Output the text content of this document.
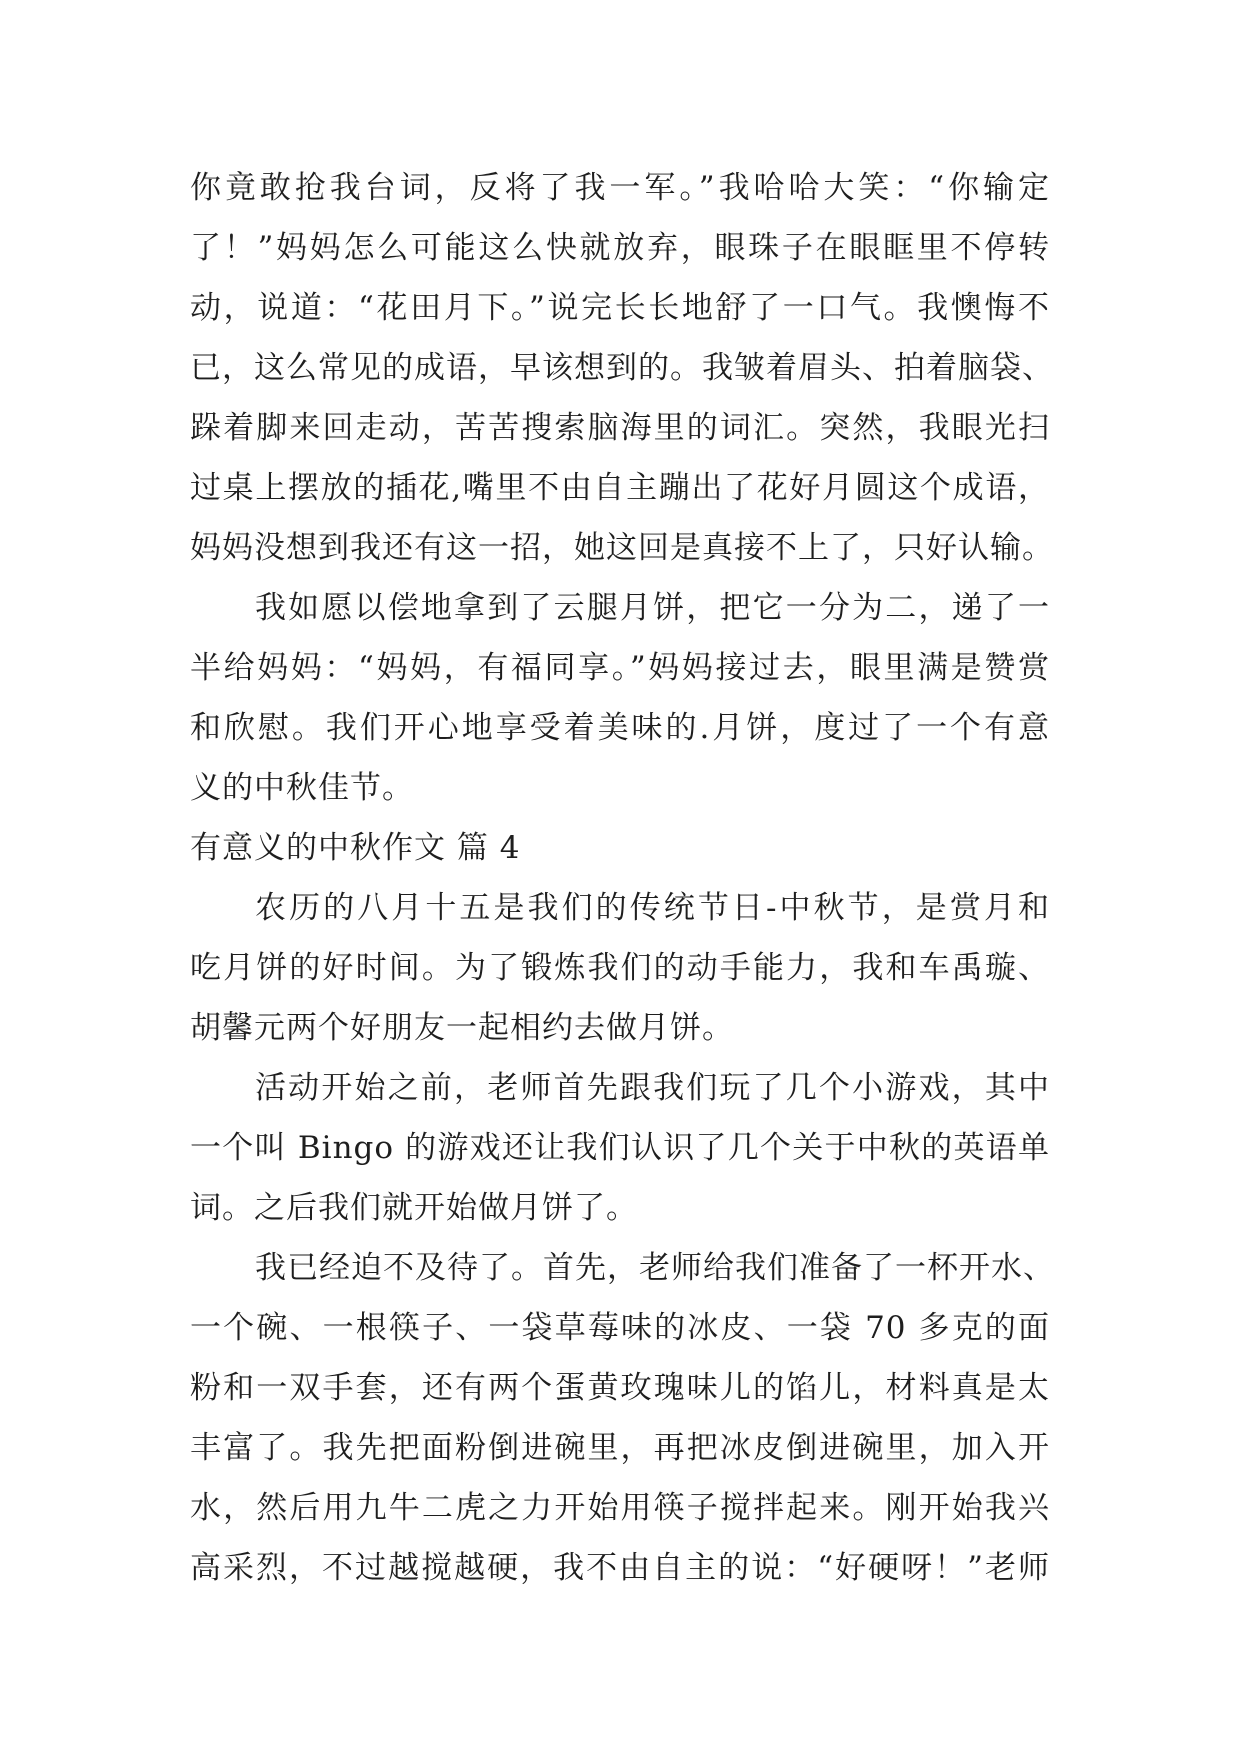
你竟敢抢我台词，反将了我一军。”我哈哈大笑：“你输定
了！”妈妈怎么可能这么快就放弃，眼珠子在眼眶里不停转
动，说道：“花田月下。”说完长长地舒了一口气。我懊悔不
已，这么常见的成语，早该想到的。我皱着眉头、拍着脑袋、
跺着脚来回走动，苦苦搜索脑海里的词汇。突然，我眼光扫
过桌上摆放的插花,嘴里不由自主蹦出了花好月圆这个成语，
妈妈没想到我还有这一招，她这回是真接不上了，只好认输。
我如愿以偿地拿到了云腿月饼，把它一分为二，递了一
半给妈妈：“妈妈，有福同享。”妈妈接过去，眼里满是赞赏
和欣慰。我们开心地享受着美味的.月饼，度过了一个有意
义的中秋佳节。
有意义的中秋作文 篇 4
农历的八月十五是我们的传统节日-中秋节，是赏月和
吃月饼的好时间。为了锻炼我们的动手能力，我和车禹璇、
胡馨元两个好朋友一起相约去做月饼。
活动开始之前，老师首先跟我们玩了几个小游戏，其中
一个叫 Bingo 的游戏还让我们认识了几个关于中秋的英语单
词。之后我们就开始做月饼了。
我已经迫不及待了。首先，老师给我们准备了一杯开水、
一个碗、一根筷子、一袋草莓味的冰皮、一袋 70 多克的面
粉和一双手套，还有两个蛋黄玫瑰味儿的馅儿，材料真是太
丰富了。我先把面粉倒进碗里，再把冰皮倒进碗里，加入开
水，然后用九牛二虎之力开始用筷子搅拌起来。刚开始我兴
高采烈，不过越搅越硬，我不由自主的说：“好硬呀！”老师
